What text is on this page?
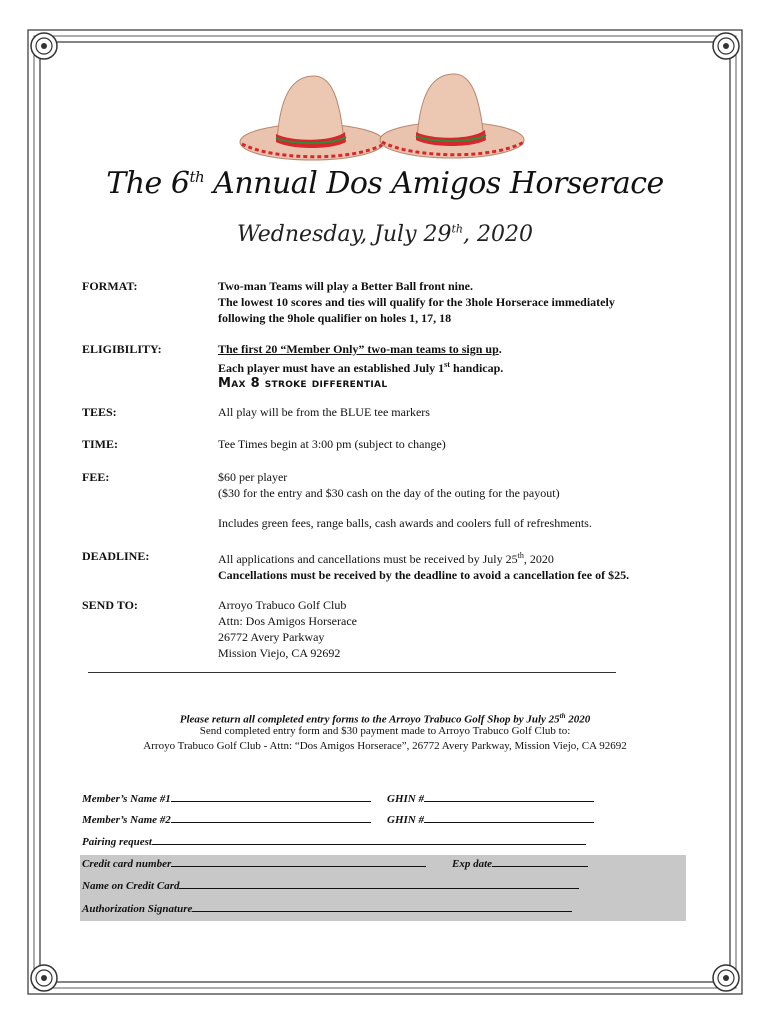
The 6th Annual Dos Amigos Horserace
Wednesday, July 29th, 2020
FORMAT:	Two-man Teams will play a Better Ball front nine.
The lowest 10 scores and ties will qualify for the 3hole Horserace immediately
following the 9hole qualifier on holes 1, 17, 18
ELIGIBILITY:	The first 20 “Member Only” two-man teams to sign up.
Each player must have an established July 1st handicap.
Max 8 stroke differential
TEES:	All play will be from the BLUE tee markers
TIME:	Tee Times begin at 3:00 pm (subject to change)
FEE:	$60 per player
($30 for the entry and $30 cash on the day of the outing for the payout)
Includes green fees, range balls, cash awards and coolers full of refreshments.
DEADLINE:	All applications and cancellations must be received by July 25th, 2020
Cancellations must be received by the deadline to avoid a cancellation fee of $25.
SEND TO:	Arroyo Trabuco Golf Club
Attn: Dos Amigos Horserace
26772 Avery Parkway
Mission Viejo, CA 92692
Please return all completed entry forms to the Arroyo Trabuco Golf Shop by July 25th 2020
Send completed entry form and $30 payment made to Arroyo Trabuco Golf Club to:
Arroyo Trabuco Golf Club - Attn: “Dos Amigos Horserace”, 26772 Avery Parkway, Mission Viejo, CA 92692
Member’s Name #1	GHIN #
Member’s Name #2	GHIN #
Pairing request
Credit card number	Exp date
Name on Credit Card
Authorization Signature
